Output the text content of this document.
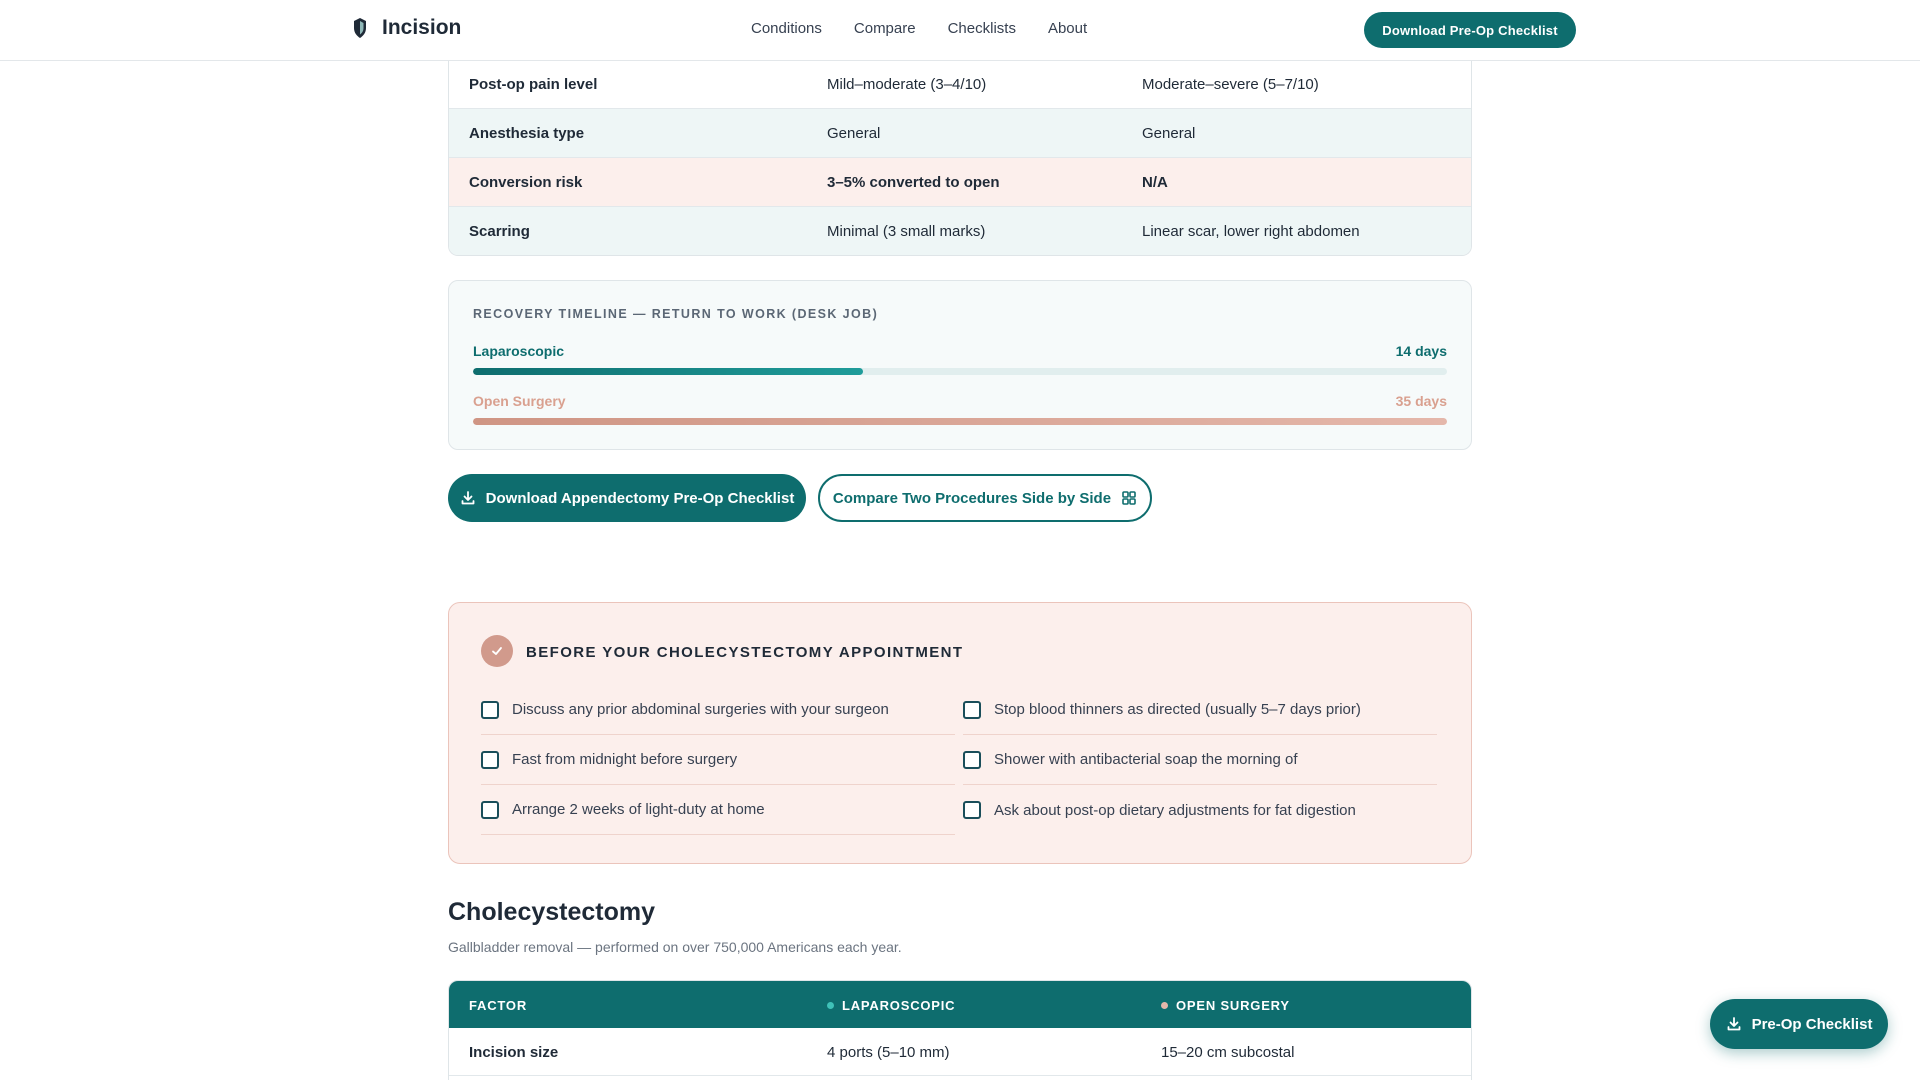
Incision	Conditions Compare Checklists About	Download Pre-Op Checklist
Post-op pain level	Mild–moderate (3–4/10)	Moderate–severe (5–7/10)
Anesthesia type	General	General
Conversion risk	3–5% converted to open	N/A
Scarring	Minimal (3 small marks)	Linear scar, lower right abdomen
RECOVERY TIMELINE — RETURN TO WORK (DESK JOB)
Laparoscopic	14 days
Open Surgery	35 days
Download Appendectomy Pre-Op Checklist	Compare Two Procedures Side by Side
BEFORE YOUR CHOLECYSTECTOMY APPOINTMENT
Discuss any prior abdominal surgeries with your surgeon	Stop blood thinners as directed (usually 5–7 days prior)
Fast from midnight before surgery	Shower with antibacterial soap the morning of
Arrange 2 weeks of light-duty at home	Ask about post-op dietary adjustments for fat digestion
Cholecystectomy

Gallbladder removal — performed on over 750,000 Americans each year.

FACTOR	LAPAROSCOPIC	OPEN SURGERY
Incision size	4 ports (5–10 mm)	15–20 cm subcostal
Pre-Op Checklist
